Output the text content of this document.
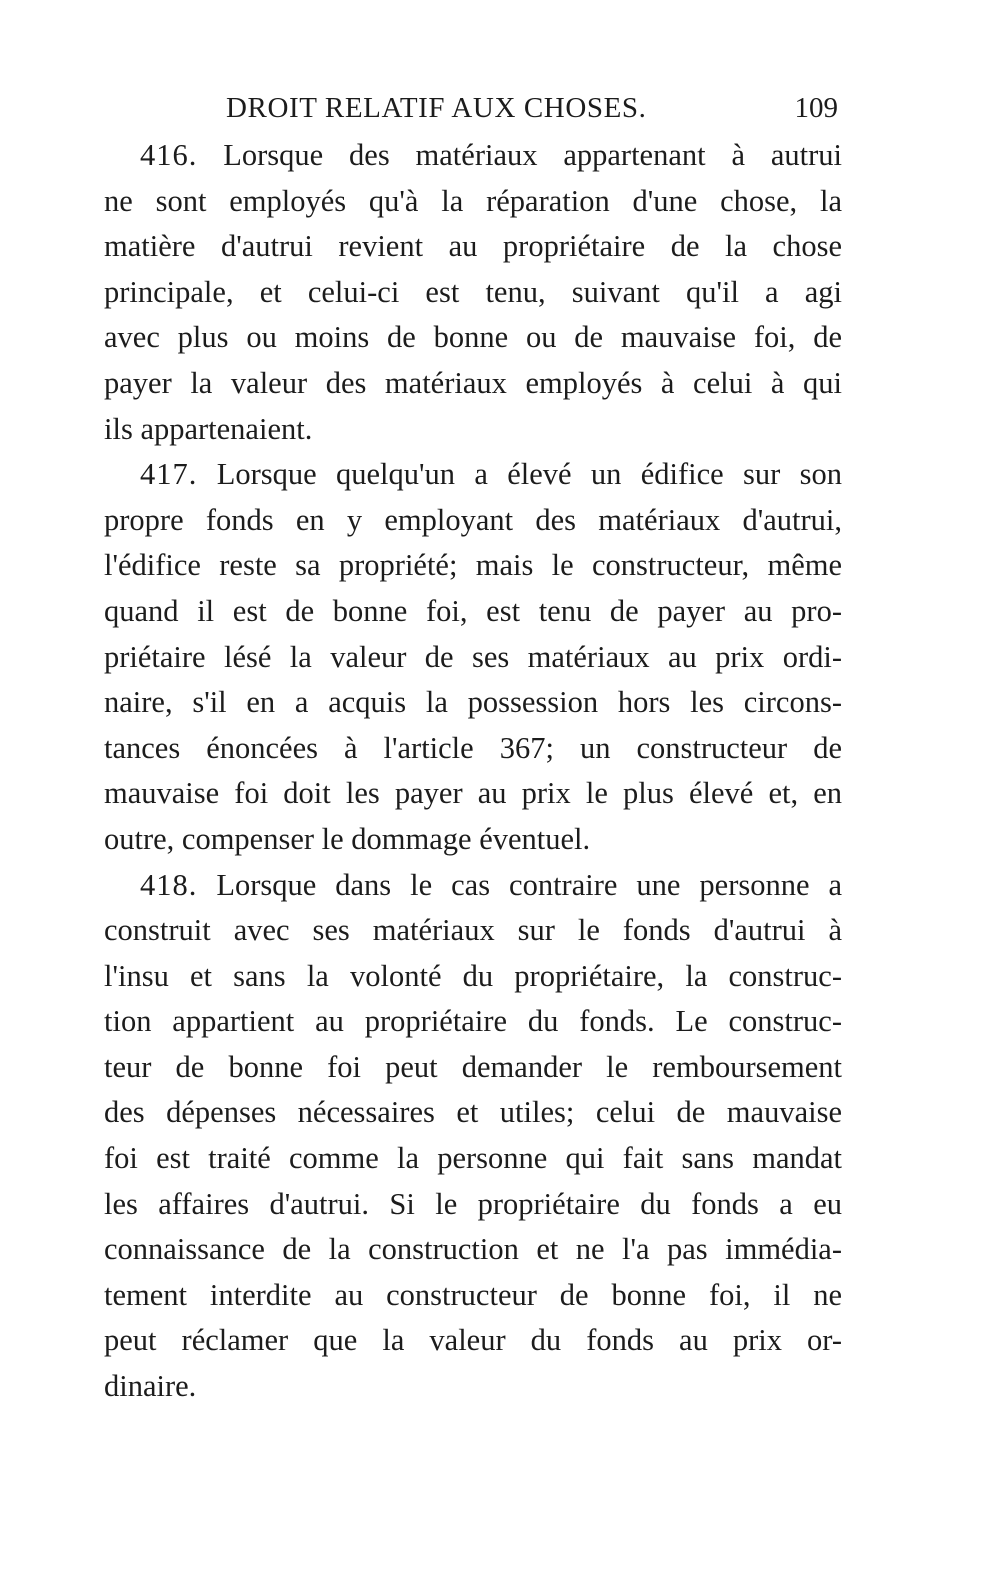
DROIT RELATIF AUX CHOSES.	109
416. Lorsque des matériaux appartenant à autrui
ne sont employés qu'à la réparation d'une chose, la
matière d'autrui revient au propriétaire de la chose
principale, et celui-ci est tenu, suivant qu'il a agi
avec plus ou moins de bonne ou de mauvaise foi, de
payer la valeur des matériaux employés à celui à qui
ils appartenaient.
417. Lorsque quelqu'un a élevé un édifice sur son
propre fonds en y employant des matériaux d'autrui,
l'édifice reste sa propriété; mais le constructeur, même
quand il est de bonne foi, est tenu de payer au pro-
priétaire lésé la valeur de ses matériaux au prix ordi-
naire, s'il en a acquis la possession hors les circons-
tances énoncées à l'article 367; un constructeur de
mauvaise foi doit les payer au prix le plus élevé et, en
outre, compenser le dommage éventuel.
418. Lorsque dans le cas contraire une personne a
construit avec ses matériaux sur le fonds d'autrui à
l'insu et sans la volonté du propriétaire, la construc-
tion appartient au propriétaire du fonds. Le construc-
teur de bonne foi peut demander le remboursement
des dépenses nécessaires et utiles; celui de mauvaise
foi est traité comme la personne qui fait sans mandat
les affaires d'autrui. Si le propriétaire du fonds a eu
connaissance de la construction et ne l'a pas immédia-
tement interdite au constructeur de bonne foi, il ne
peut réclamer que la valeur du fonds au prix or-
dinaire.
